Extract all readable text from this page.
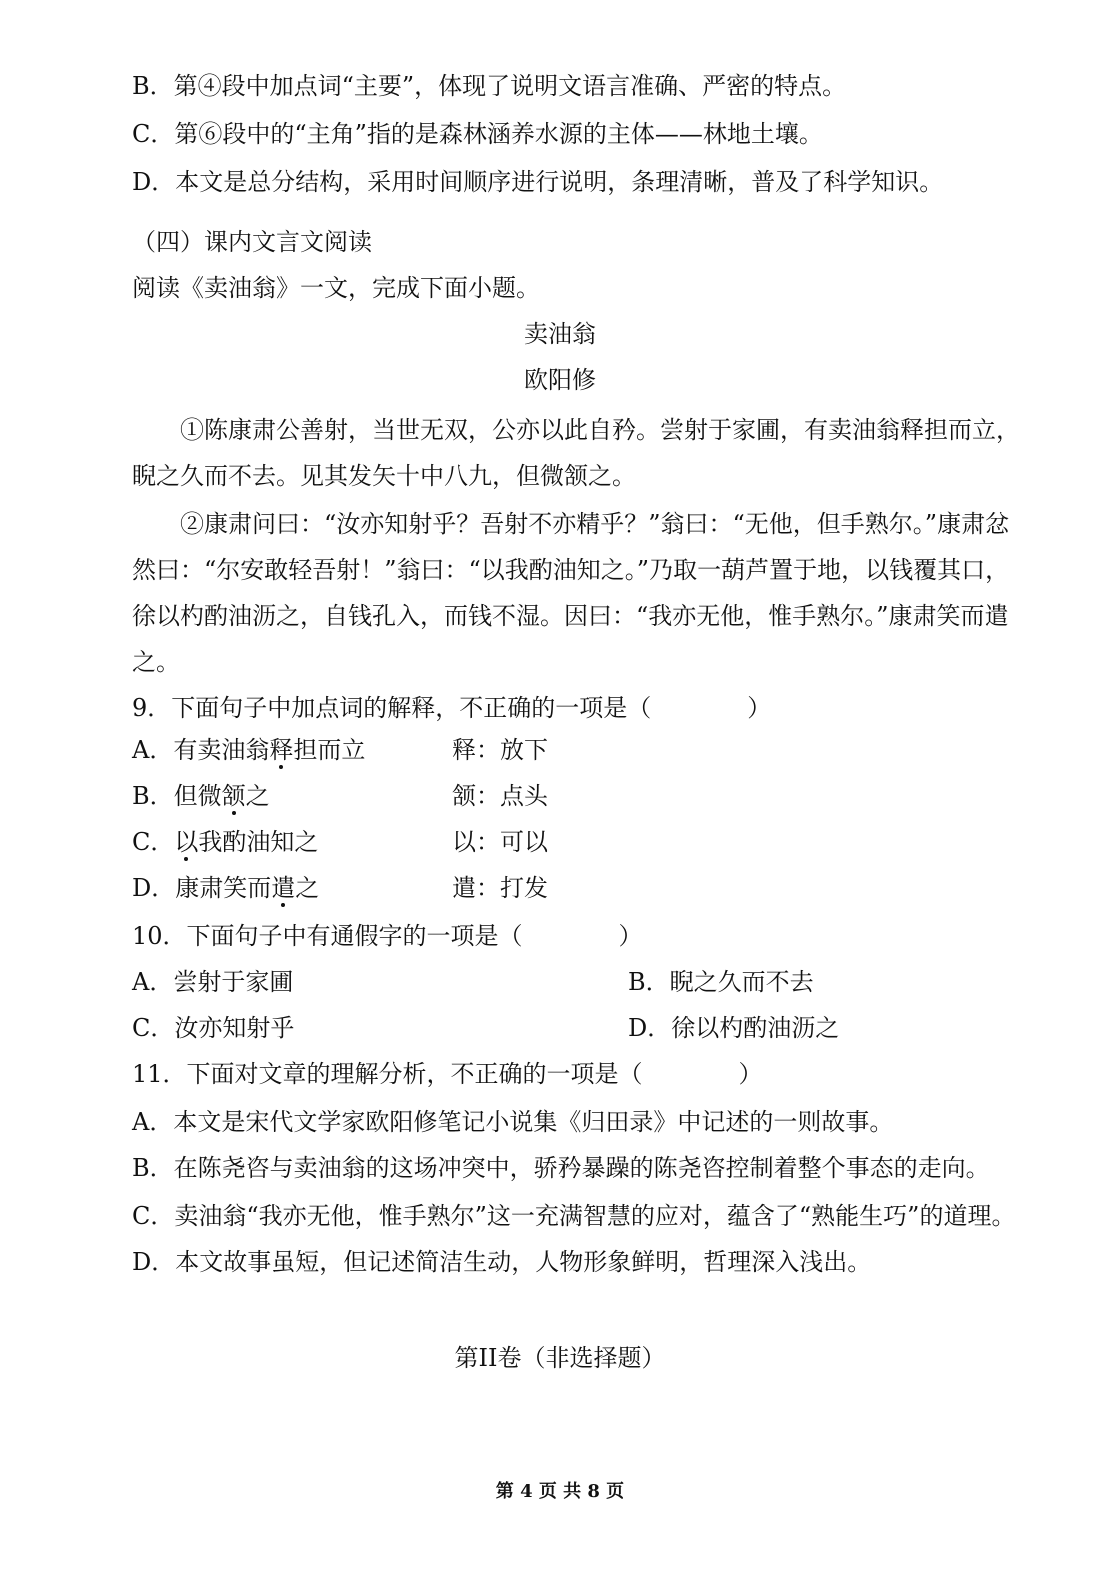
B．第④段中加点词“主要”，体现了说明文语言准确、严密的特点。
C．第⑥段中的“主角”指的是森林涵养水源的主体——林地土壤。
D．本文是总分结构，采用时间顺序进行说明，条理清晰，普及了科学知识。
（四）课内文言文阅读
阅读《卖油翁》一文，完成下面小题。
卖油翁
欧阳修
①陈康肃公善射，当世无双，公亦以此自矜。尝射于家圃，有卖油翁释担而立，
睨之久而不去。见其发矢十中八九，但微颔之。
②康肃问曰：“汝亦知射乎？吾射不亦精乎？”翁曰：“无他，但手熟尔。”康肃忿
然曰：“尔安敢轻吾射！”翁曰：“以我酌油知之。”乃取一葫芦置于地，以钱覆其口，
徐以杓酌油沥之，自钱孔入，而钱不湿。因曰：“我亦无他，惟手熟尔。”康肃笑而遣
之。
9．下面句子中加点词的解释，不正确的一项是（　　　　）
A．有卖油翁释担而立	释：放下
B．但微颔之	颔：点头
C．以我酌油知之	以：可以
D．康肃笑而遣之	遣：打发
10．下面句子中有通假字的一项是（　　　　）
A．尝射于家圃	B．睨之久而不去
C．汝亦知射乎	D．徐以杓酌油沥之
11．下面对文章的理解分析，不正确的一项是（　　　　）
A．本文是宋代文学家欧阳修笔记小说集《归田录》中记述的一则故事。
B．在陈尧咨与卖油翁的这场冲突中，骄矜暴躁的陈尧咨控制着整个事态的走向。
C．卖油翁“我亦无他，惟手熟尔”这一充满智慧的应对，蕴含了“熟能生巧”的道理。
D．本文故事虽短，但记述简洁生动，人物形象鲜明，哲理深入浅出。
第II卷（非选择题）
第 4 页 共 8 页
